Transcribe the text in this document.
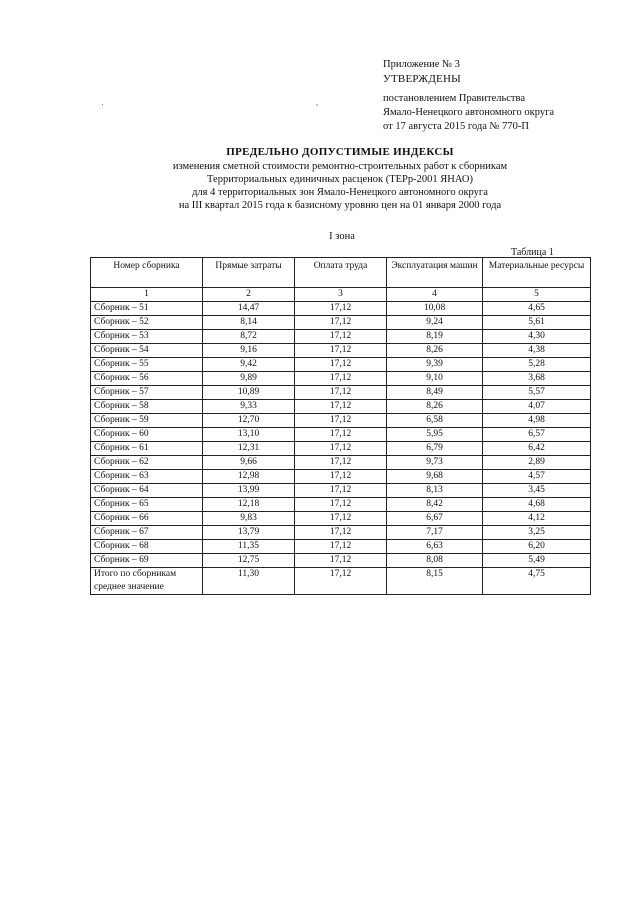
,
Приложение № 3
УТВЕРЖДЕНЫ
постановлением Правительства
Ямало-Ненецкого автономного округа
от 17 августа 2015 года № 770-П
ПРЕДЕЛЬНО ДОПУСТИМЫЕ ИНДЕКСЫ
изменения сметной стоимости ремонтно-строительных работ к сборникам
Территориальных единичных расценок (ТЕРр-2001 ЯНАО)
для 4 территориальных зон Ямало-Ненецкого автономного округа
на III квартал 2015 года к базисному уровню цен на 01 января 2000 года
I зона
Таблица 1
Номер сборника	Прямые затраты	Оплата труда	Эксплуатация машин	Материальные ресурсы
1	2	3	4	5
Сборник – 51	14,47	17,12	10,08	4,65
Сборник – 52	8,14	17,12	9,24	5,61
Сборник – 53	8,72	17,12	8,19	4,30
Сборник – 54	9,16	17,12	8,26	4,38
Сборник – 55	9,42	17,12	9,39	5,28
Сборник – 56	9,89	17,12	9,10	3,68
Сборник – 57	10,89	17,12	8,49	5,57
Сборник – 58	9,33	17,12	8,26	4,07
Сборник – 59	12,70	17,12	6,58	4,98
Сборник – 60	13,10	17,12	5,95	6,57
Сборник – 61	12,31	17,12	6,79	6,42
Сборник – 62	9,66	17,12	9,73	2,89
Сборник – 63	12,98	17,12	9,68	4,57
Сборник – 64	13,99	17,12	8,13	3,45
Сборник – 65	12,18	17,12	8,42	4,68
Сборник – 66	9,83	17,12	6,67	4,12
Сборник – 67	13,79	17,12	7,17	3,25
Сборник – 68	11,35	17,12	6,63	6,20
Сборник – 69	12,75	17,12	8,08	5,49
Итого по сборникам среднее значение	11,30	17,12	8,15	4,75
